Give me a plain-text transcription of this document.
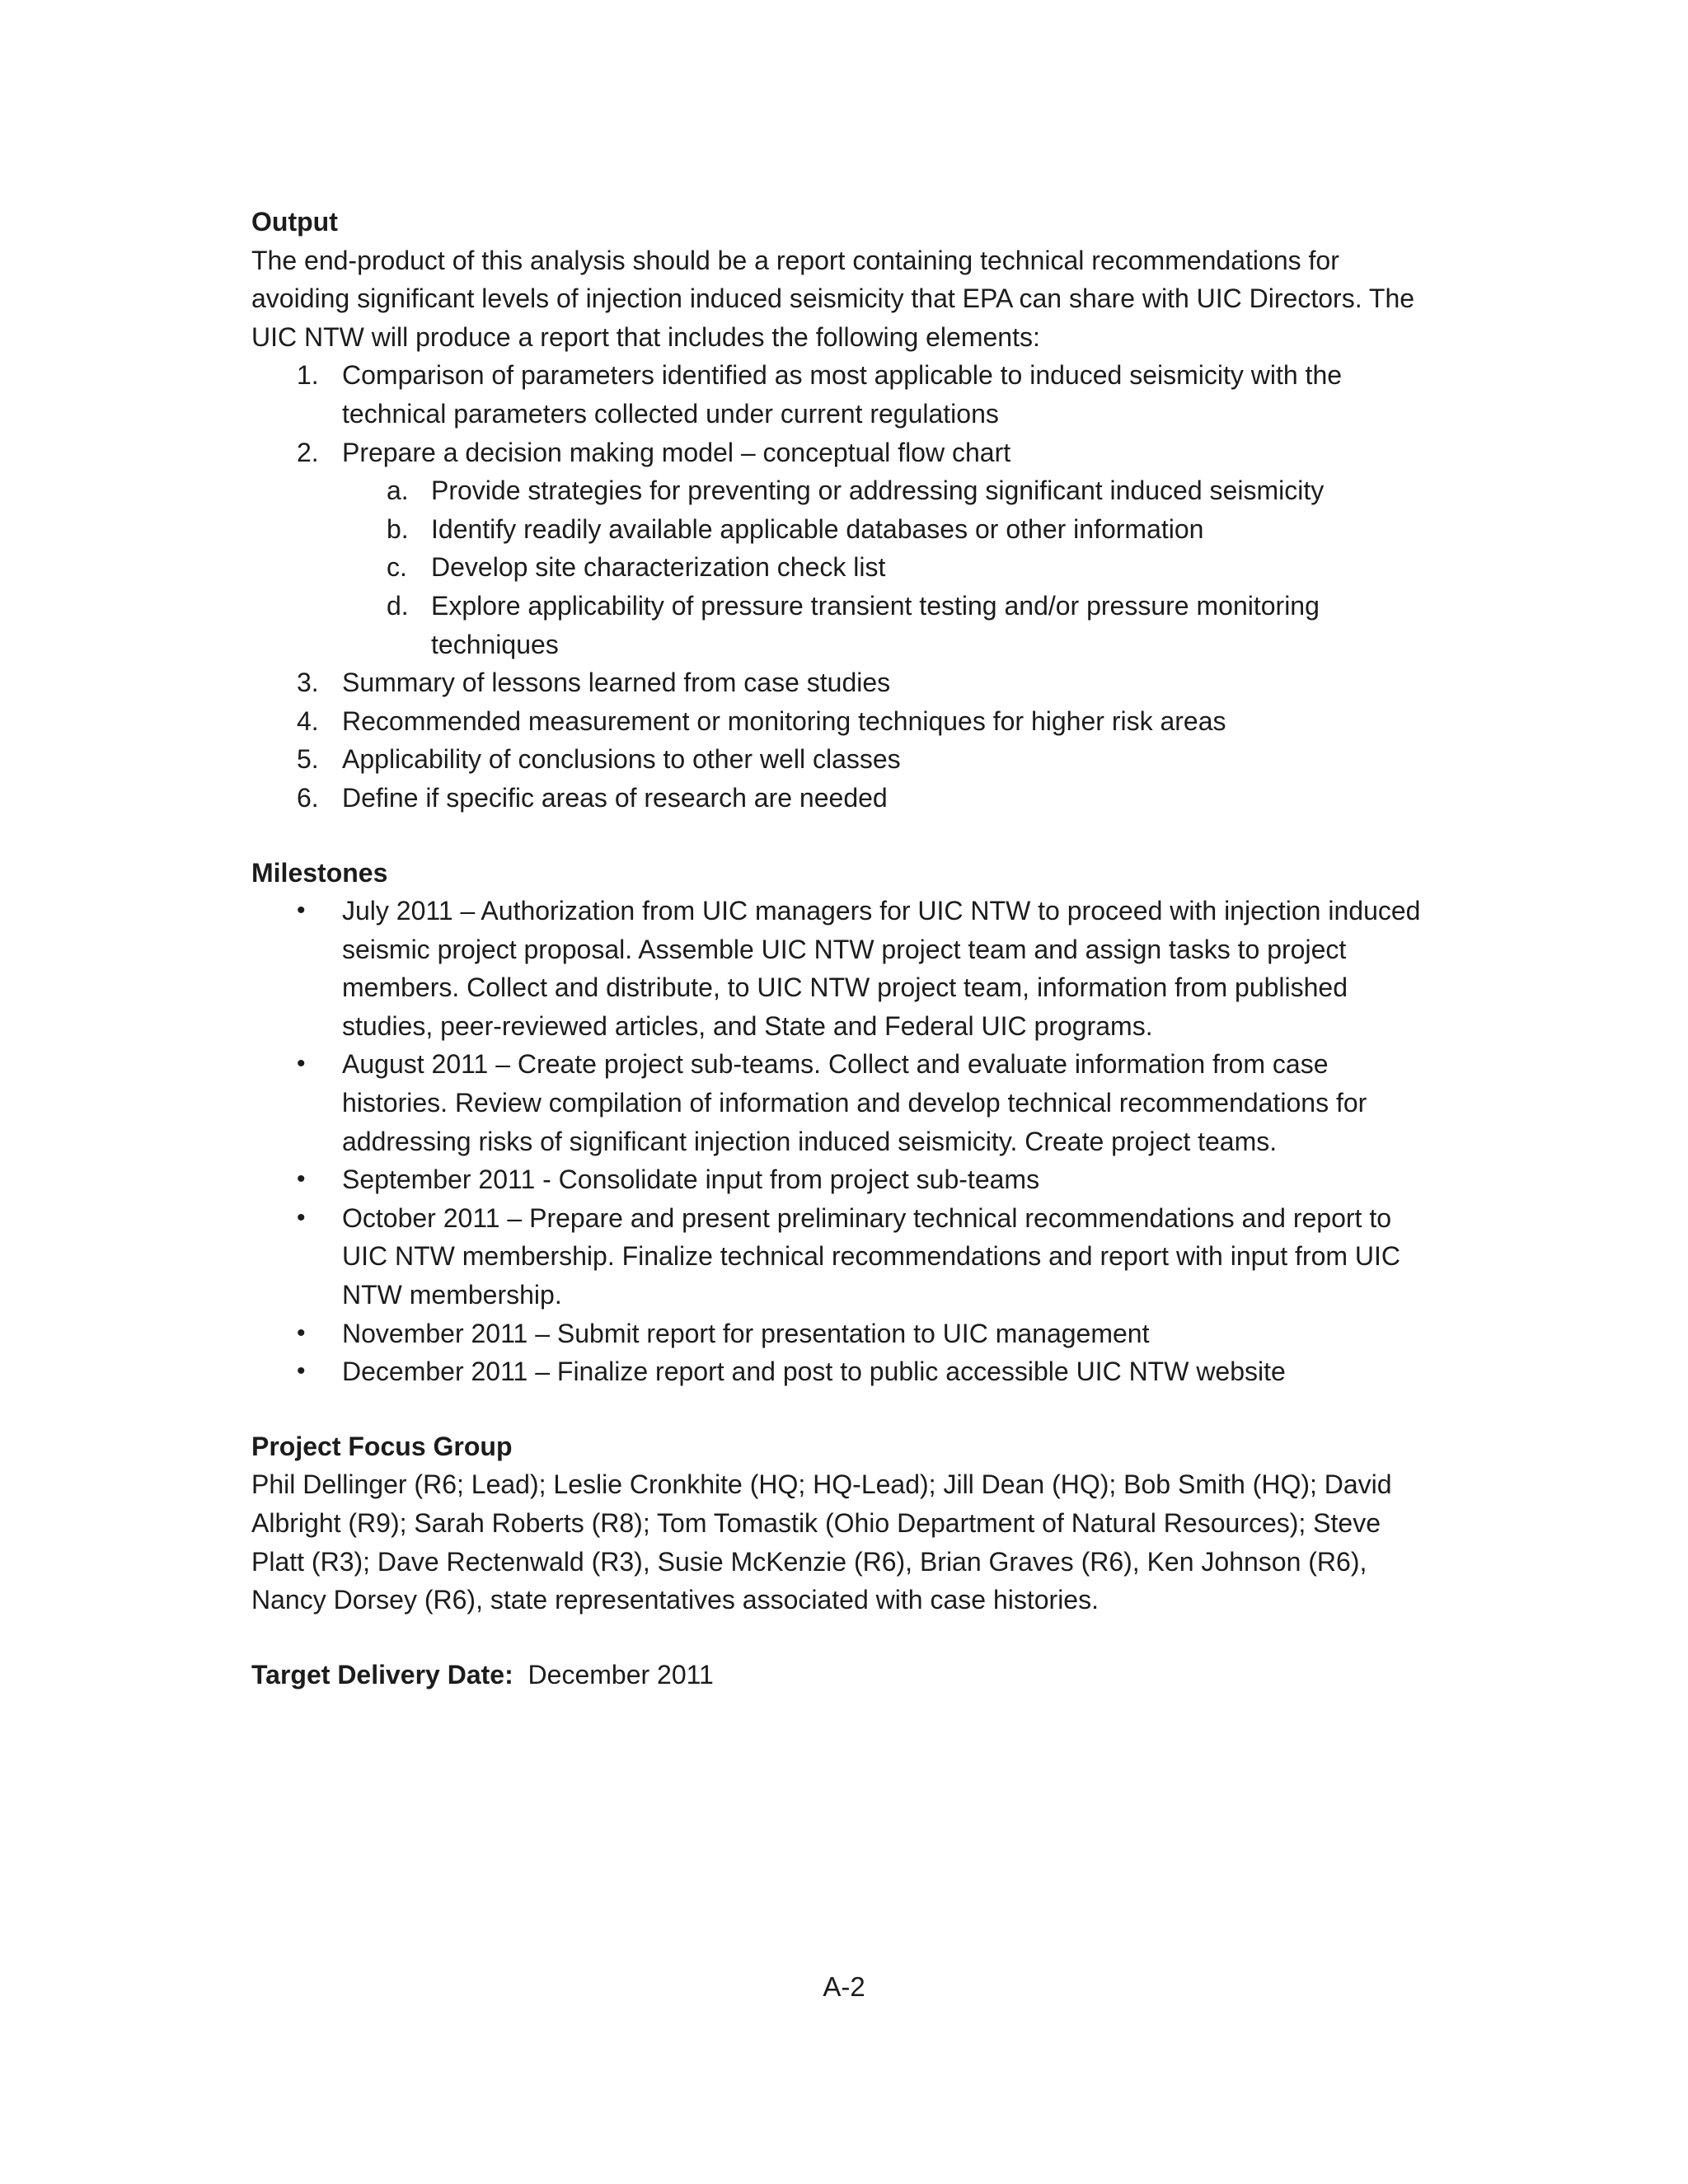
Output

The end-product of this analysis should be a report containing technical recommendations for avoiding significant levels of injection induced seismicity that EPA can share with UIC Directors. The UIC NTW will produce a report that includes the following elements:

1. Comparison of parameters identified as most applicable to induced seismicity with the technical parameters collected under current regulations
2. Prepare a decision making model – conceptual flow chart
a. Provide strategies for preventing or addressing significant induced seismicity
b. Identify readily available applicable databases or other information
c. Develop site characterization check list
d. Explore applicability of pressure transient testing and/or pressure monitoring techniques
3. Summary of lessons learned from case studies
4. Recommended measurement or monitoring techniques for higher risk areas
5. Applicability of conclusions to other well classes
6. Define if specific areas of research are needed

Milestones

• July 2011 – Authorization from UIC managers for UIC NTW to proceed with injection induced seismic project proposal. Assemble UIC NTW project team and assign tasks to project members. Collect and distribute, to UIC NTW project team, information from published studies, peer-reviewed articles, and State and Federal UIC programs.
• August 2011 – Create project sub-teams. Collect and evaluate information from case histories. Review compilation of information and develop technical recommendations for addressing risks of significant injection induced seismicity. Create project teams.
• September 2011 - Consolidate input from project sub-teams
• October 2011 – Prepare and present preliminary technical recommendations and report to UIC NTW membership. Finalize technical recommendations and report with input from UIC NTW membership.
• November 2011 – Submit report for presentation to UIC management
• December 2011 – Finalize report and post to public accessible UIC NTW website

Project Focus Group

Phil Dellinger (R6; Lead); Leslie Cronkhite (HQ; HQ-Lead); Jill Dean (HQ); Bob Smith (HQ); David Albright (R9); Sarah Roberts (R8); Tom Tomastik (Ohio Department of Natural Resources); Steve Platt (R3); Dave Rectenwald (R3), Susie McKenzie (R6), Brian Graves (R6), Ken Johnson (R6), Nancy Dorsey (R6), state representatives associated with case histories.

Target Delivery Date: December 2011

A-2
